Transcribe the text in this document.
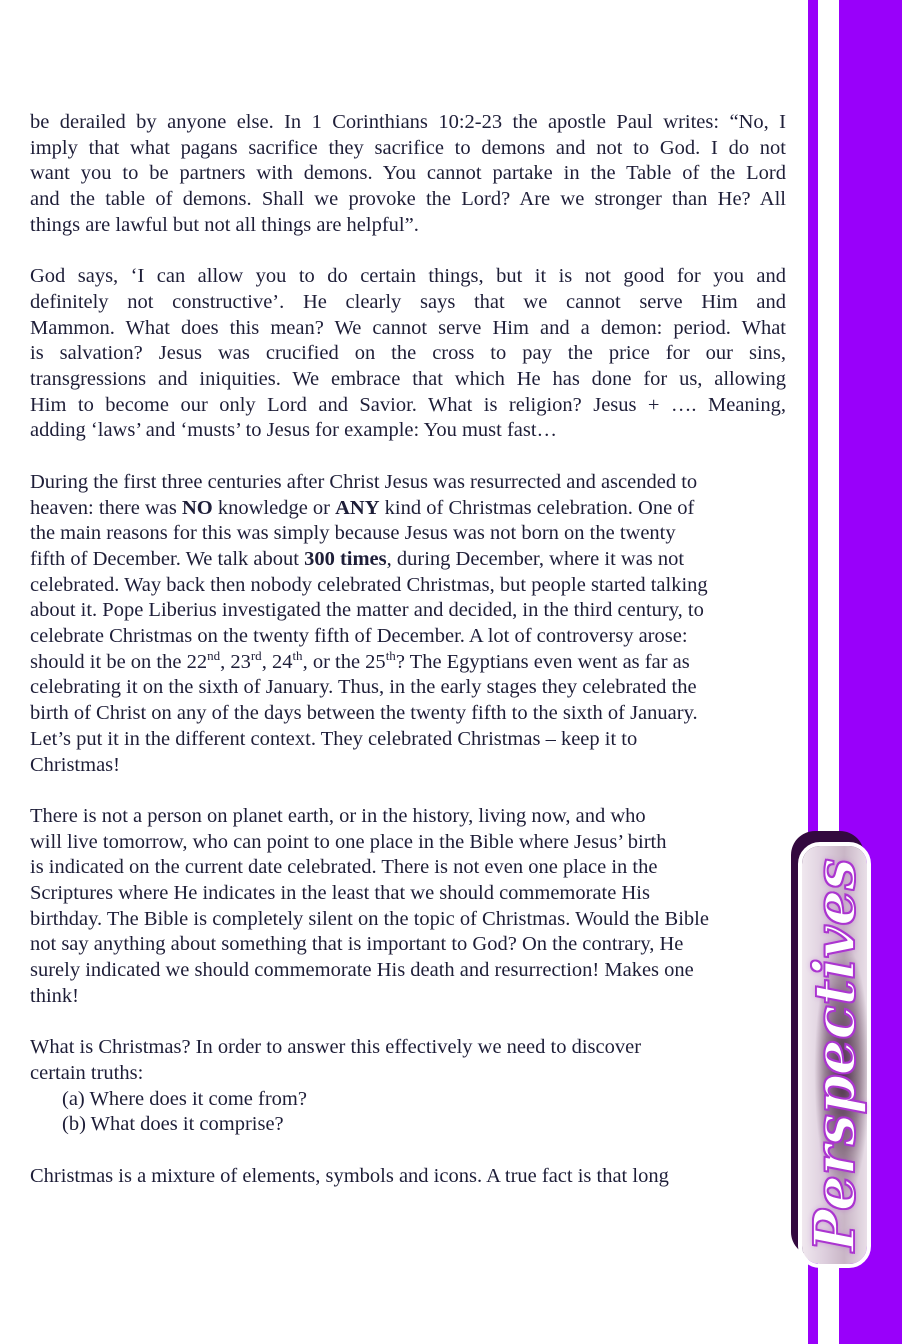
Perspectives
be derailed by anyone else. In 1 Corinthians 10:2-23 the apostle Paul writes: “No, I
imply that what pagans sacrifice they sacrifice to demons and not to God. I do not
want you to be partners with demons. You cannot partake in the Table of the Lord
and the table of demons. Shall we provoke the Lord? Are we stronger than He? All
things are lawful but not all things are helpful”.
God says, ‘I can allow you to do certain things, but it is not good for you and
definitely not constructive’. He clearly says that we cannot serve Him and
Mammon. What does this mean? We cannot serve Him and a demon: period. What
is salvation? Jesus was crucified on the cross to pay the price for our sins,
transgressions and iniquities. We embrace that which He has done for us, allowing
Him to become our only Lord and Savior. What is religion? Jesus + …. Meaning,
adding ‘laws’ and ‘musts’ to Jesus for example: You must fast…
During the first three centuries after Christ Jesus was resurrected and ascended to
heaven: there was NO knowledge or ANY kind of Christmas celebration. One of
the main reasons for this was simply because Jesus was not born on the twenty
fifth of December. We talk about 300 times, during December, where it was not
celebrated. Way back then nobody celebrated Christmas, but people started talking
about it. Pope Liberius investigated the matter and decided, in the third century, to
celebrate Christmas on the twenty fifth of December. A lot of controversy arose:
should it be on the 22nd, 23rd, 24th, or the 25th? The Egyptians even went as far as
celebrating it on the sixth of January. Thus, in the early stages they celebrated the
birth of Christ on any of the days between the twenty fifth to the sixth of January.
Let’s put it in the different context. They celebrated Christmas – keep it to
Christmas!
There is not a person on planet earth, or in the history, living now, and who
will live tomorrow, who can point to one place in the Bible where Jesus’ birth
is indicated on the current date celebrated. There is not even one place in the
Scriptures where He indicates in the least that we should commemorate His
birthday. The Bible is completely silent on the topic of Christmas. Would the Bible
not say anything about something that is important to God? On the contrary, He
surely indicated we should commemorate His death and resurrection! Makes one
think!
What is Christmas? In order to answer this effectively we need to discover
certain truths:
(a) Where does it come from?
(b) What does it comprise?
Christmas is a mixture of elements, symbols and icons. A true fact is that long
